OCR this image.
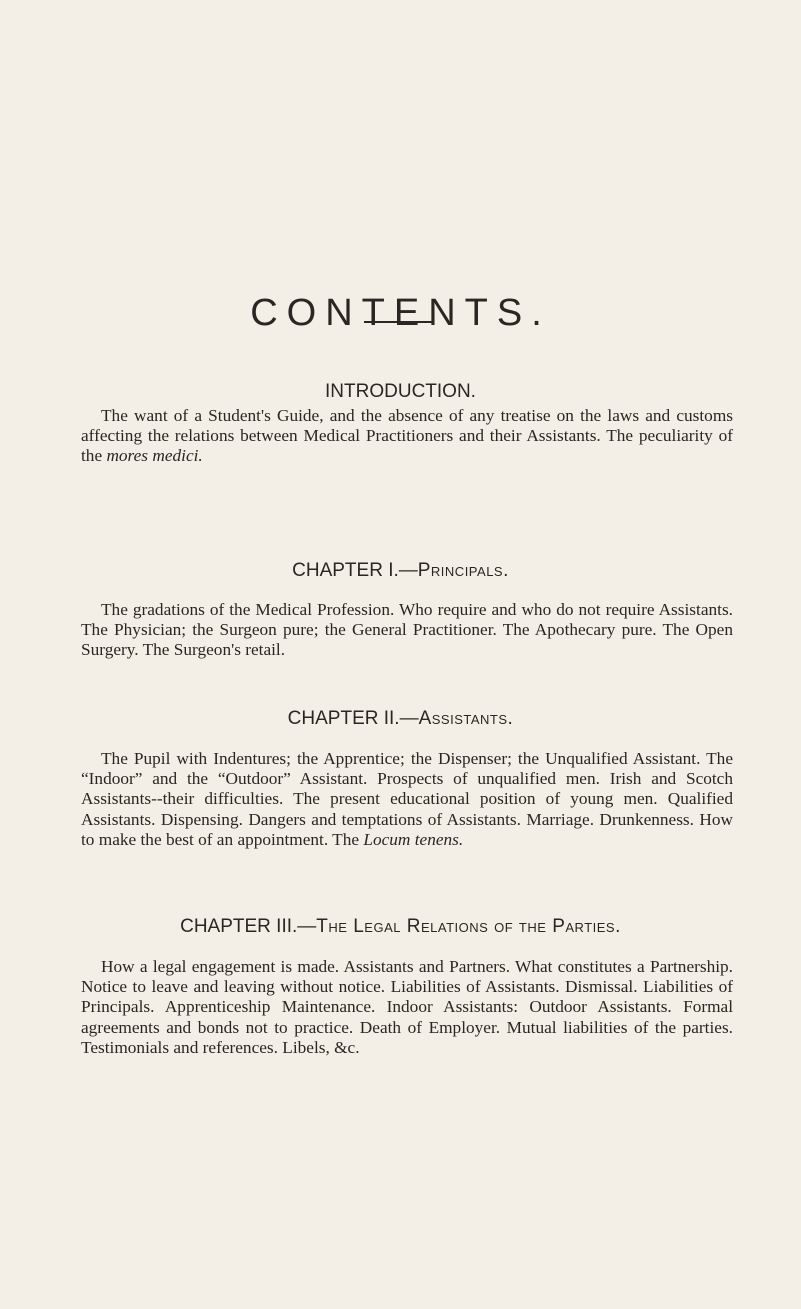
CONTENTS.
INTRODUCTION.

The want of a Student's Guide, and the absence of any treatise on the laws and customs affecting the relations between Medical Practitioners and their Assistants. The peculiarity of the mores medici.

CHAPTER I.—Principals.

The gradations of the Medical Profession. Who require and who do not require Assistants. The Physician; the Surgeon pure; the General Practitioner. The Apothecary pure. The Open Surgery. The Surgeon's retail.

CHAPTER II.—Assistants.

The Pupil with Indentures; the Apprentice; the Dispenser; the Unqualified Assistant. The “Indoor” and the “Outdoor” Assistant. Prospects of unqualified men. Irish and Scotch Assistants--their difficulties. The present educational position of young men. Qualified Assistants. Dispensing. Dangers and temptations of Assistants. Marriage. Drunkenness. How to make the best of an appointment. The Locum tenens.

CHAPTER III.—The Legal Relations of the Parties.

How a legal engagement is made. Assistants and Partners. What constitutes a Partnership. Notice to leave and leaving without notice. Liabilities of Assistants. Dismissal. Liabilities of Principals. Apprenticeship Maintenance. Indoor Assistants: Outdoor Assistants. Formal agreements and bonds not to practice. Death of Employer. Mutual liabilities of the parties. Testimonials and references. Libels, &c.
